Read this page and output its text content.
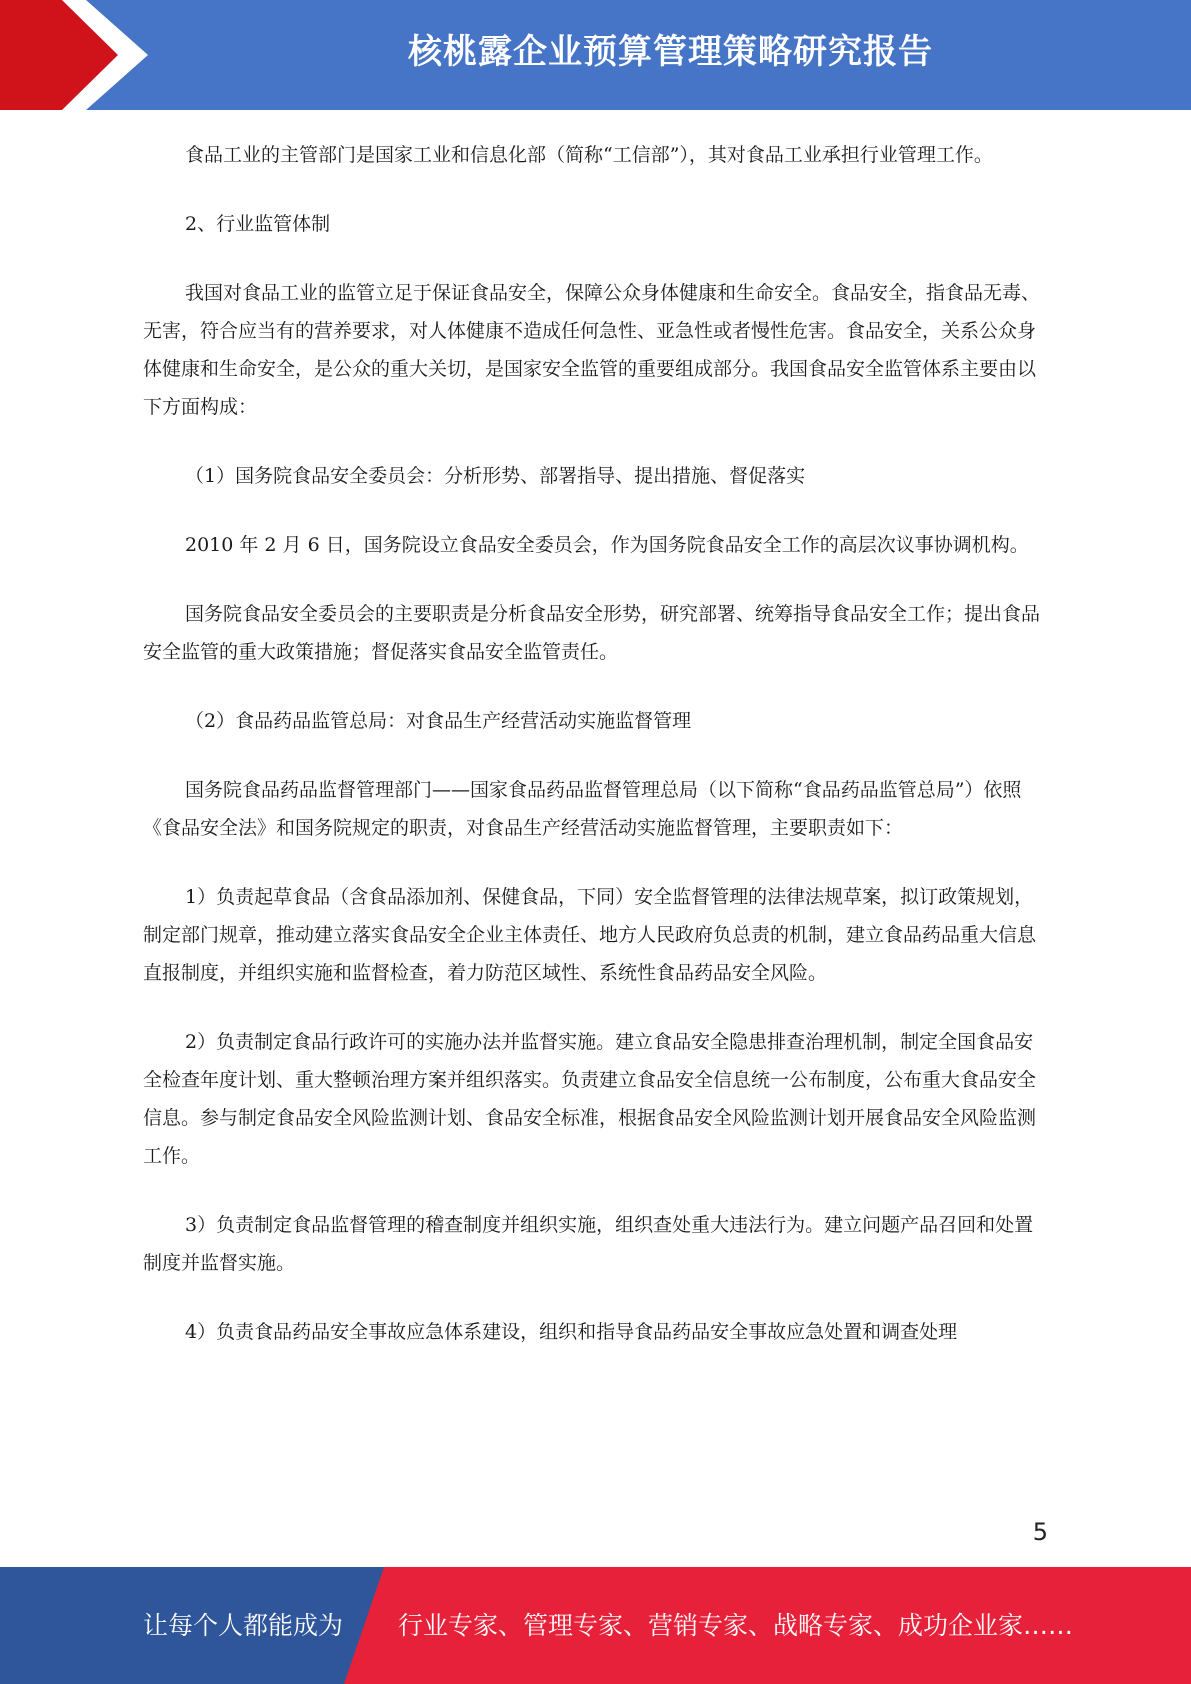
核桃露企业预算管理策略研究报告

食品工业的主管部门是国家工业和信息化部（简称“工信部”），其对食品工业承担行业管理工作。

2、行业监管体制

我国对食品工业的监管立足于保证食品安全，保障公众身体健康和生命安全。食品安全，指食品无毒、无害，符合应当有的营养要求，对人体健康不造成任何急性、亚急性或者慢性危害。食品安全，关系公众身体健康和生命安全，是公众的重大关切，是国家安全监管的重要组成部分。我国食品安全监管体系主要由以下方面构成：

（1）国务院食品安全委员会：分析形势、部署指导、提出措施、督促落实

2010 年 2 月 6 日，国务院设立食品安全委员会，作为国务院食品安全工作的高层次议事协调机构。

国务院食品安全委员会的主要职责是分析食品安全形势，研究部署、统筹指导食品安全工作；提出食品安全监管的重大政策措施；督促落实食品安全监管责任。

（2）食品药品监管总局：对食品生产经营活动实施监督管理

国务院食品药品监督管理部门——国家食品药品监督管理总局（以下简称“食品药品监管总局”）依照《食品安全法》和国务院规定的职责，对食品生产经营活动实施监督管理，主要职责如下：

1）负责起草食品（含食品添加剂、保健食品，下同）安全监督管理的法律法规草案，拟订政策规划，制定部门规章，推动建立落实食品安全企业主体责任、地方人民政府负总责的机制，建立食品药品重大信息直报制度，并组织实施和监督检查，着力防范区域性、系统性食品药品安全风险。

2）负责制定食品行政许可的实施办法并监督实施。建立食品安全隐患排查治理机制，制定全国食品安全检查年度计划、重大整顿治理方案并组织落实。负责建立食品安全信息统一公布制度，公布重大食品安全信息。参与制定食品安全风险监测计划、食品安全标准，根据食品安全风险监测计划开展食品安全风险监测工作。

3）负责制定食品监督管理的稽查制度并组织实施，组织查处重大违法行为。建立问题产品召回和处置制度并监督实施。

4）负责食品药品安全事故应急体系建设，组织和指导食品药品安全事故应急处置和调查处理

5
让每个人都能成为 行业专家、管理专家、营销专家、战略专家、成功企业家……
